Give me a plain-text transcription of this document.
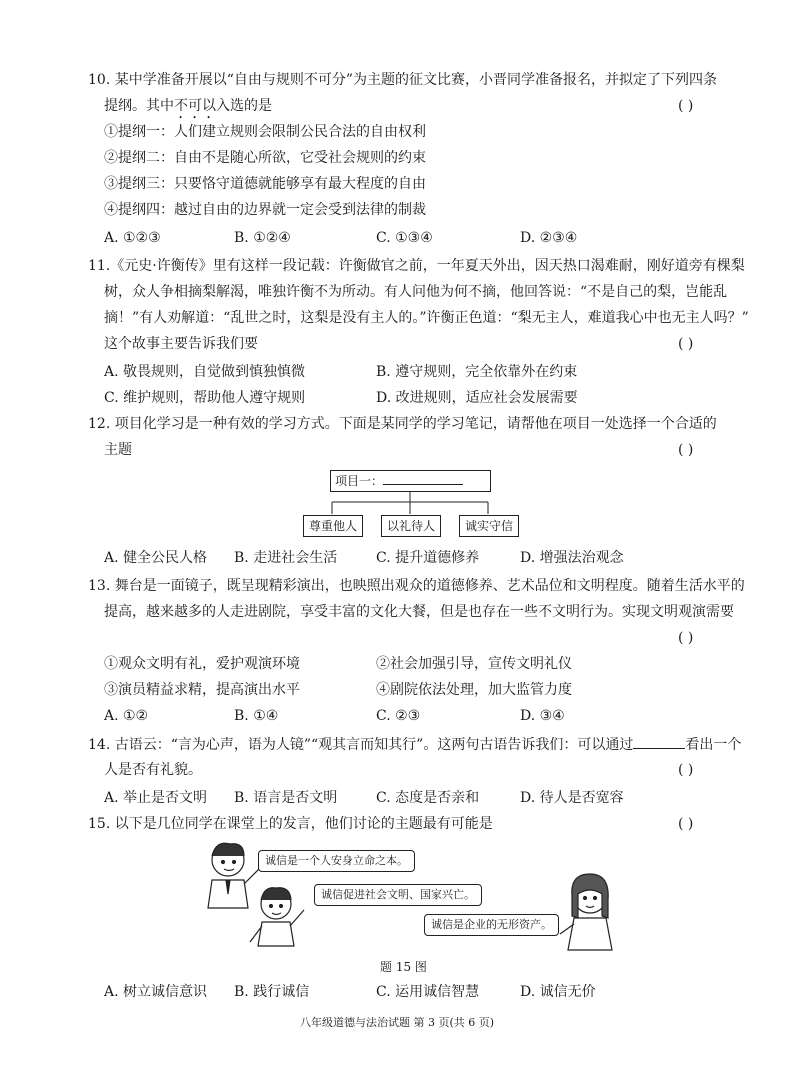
10. 某中学准备开展以“自由与规则不可分”为主题的征文比赛，小晋同学准备报名，并拟定了下列四条
提纲。其中不可以入选的是	( )
①提纲一：人们建立规则会限制公民合法的自由权利
②提纲二：自由不是随心所欲，它受社会规则的约束
③提纲三：只要恪守道德就能够享有最大程度的自由
④提纲四：越过自由的边界就一定会受到法律的制裁
A. ①②③	B. ①②④	C. ①③④	D. ②③④
11.《元史·许衡传》里有这样一段记载：许衡做官之前，一年夏天外出，因天热口渴难耐，刚好道旁有棵梨
树，众人争相摘梨解渴，唯独许衡不为所动。有人问他为何不摘，他回答说：“不是自己的梨，岂能乱
摘！”有人劝解道：“乱世之时，这梨是没有主人的。”许衡正色道：“梨无主人，难道我心中也无主人吗？”
这个故事主要告诉我们要	( )
A. 敬畏规则，自觉做到慎独慎微	B. 遵守规则，完全依靠外在约束
C. 维护规则，帮助他人遵守规则	D. 改进规则，适应社会发展需要
12. 项目化学习是一种有效的学习方式。下面是某同学的学习笔记，请帮他在项目一处选择一个合适的
主题	( )
项目一：
尊重他人	以礼待人	诚实守信
A. 健全公民人格 B. 走进社会生活	C. 提升道德修养	D. 增强法治观念
13. 舞台是一面镜子，既呈现精彩演出，也映照出观众的道德修养、艺术品位和文明程度。随着生活水平的
提高，越来越多的人走进剧院，享受丰富的文化大餐，但是也存在一些不文明行为。实现文明观演需要
( )
①观众文明有礼，爱护观演环境	②社会加强引导，宣传文明礼仪
③演员精益求精，提高演出水平	④剧院依法处理，加大监管力度
A. ①②	B. ①④	C. ②③	D. ③④
14. 古语云：“言为心声，语为人镜”“观其言而知其行”。这两句古语告诉我们：可以通过	看出一个
人是否有礼貌。	( )
A. 举止是否文明 B. 语言是否文明	C. 态度是否亲和	D. 待人是否宽容
15. 以下是几位同学在课堂上的发言，他们讨论的主题最有可能是	( )
诚信是一个人安身立命之本。
诚信促进社会文明、国家兴亡。
诚信是企业的无形资产。
题 15 图
A. 树立诚信意识 B. 践行诚信	C. 运用诚信智慧	D. 诚信无价
八年级道德与法治试题 第 3 页(共 6 页)
